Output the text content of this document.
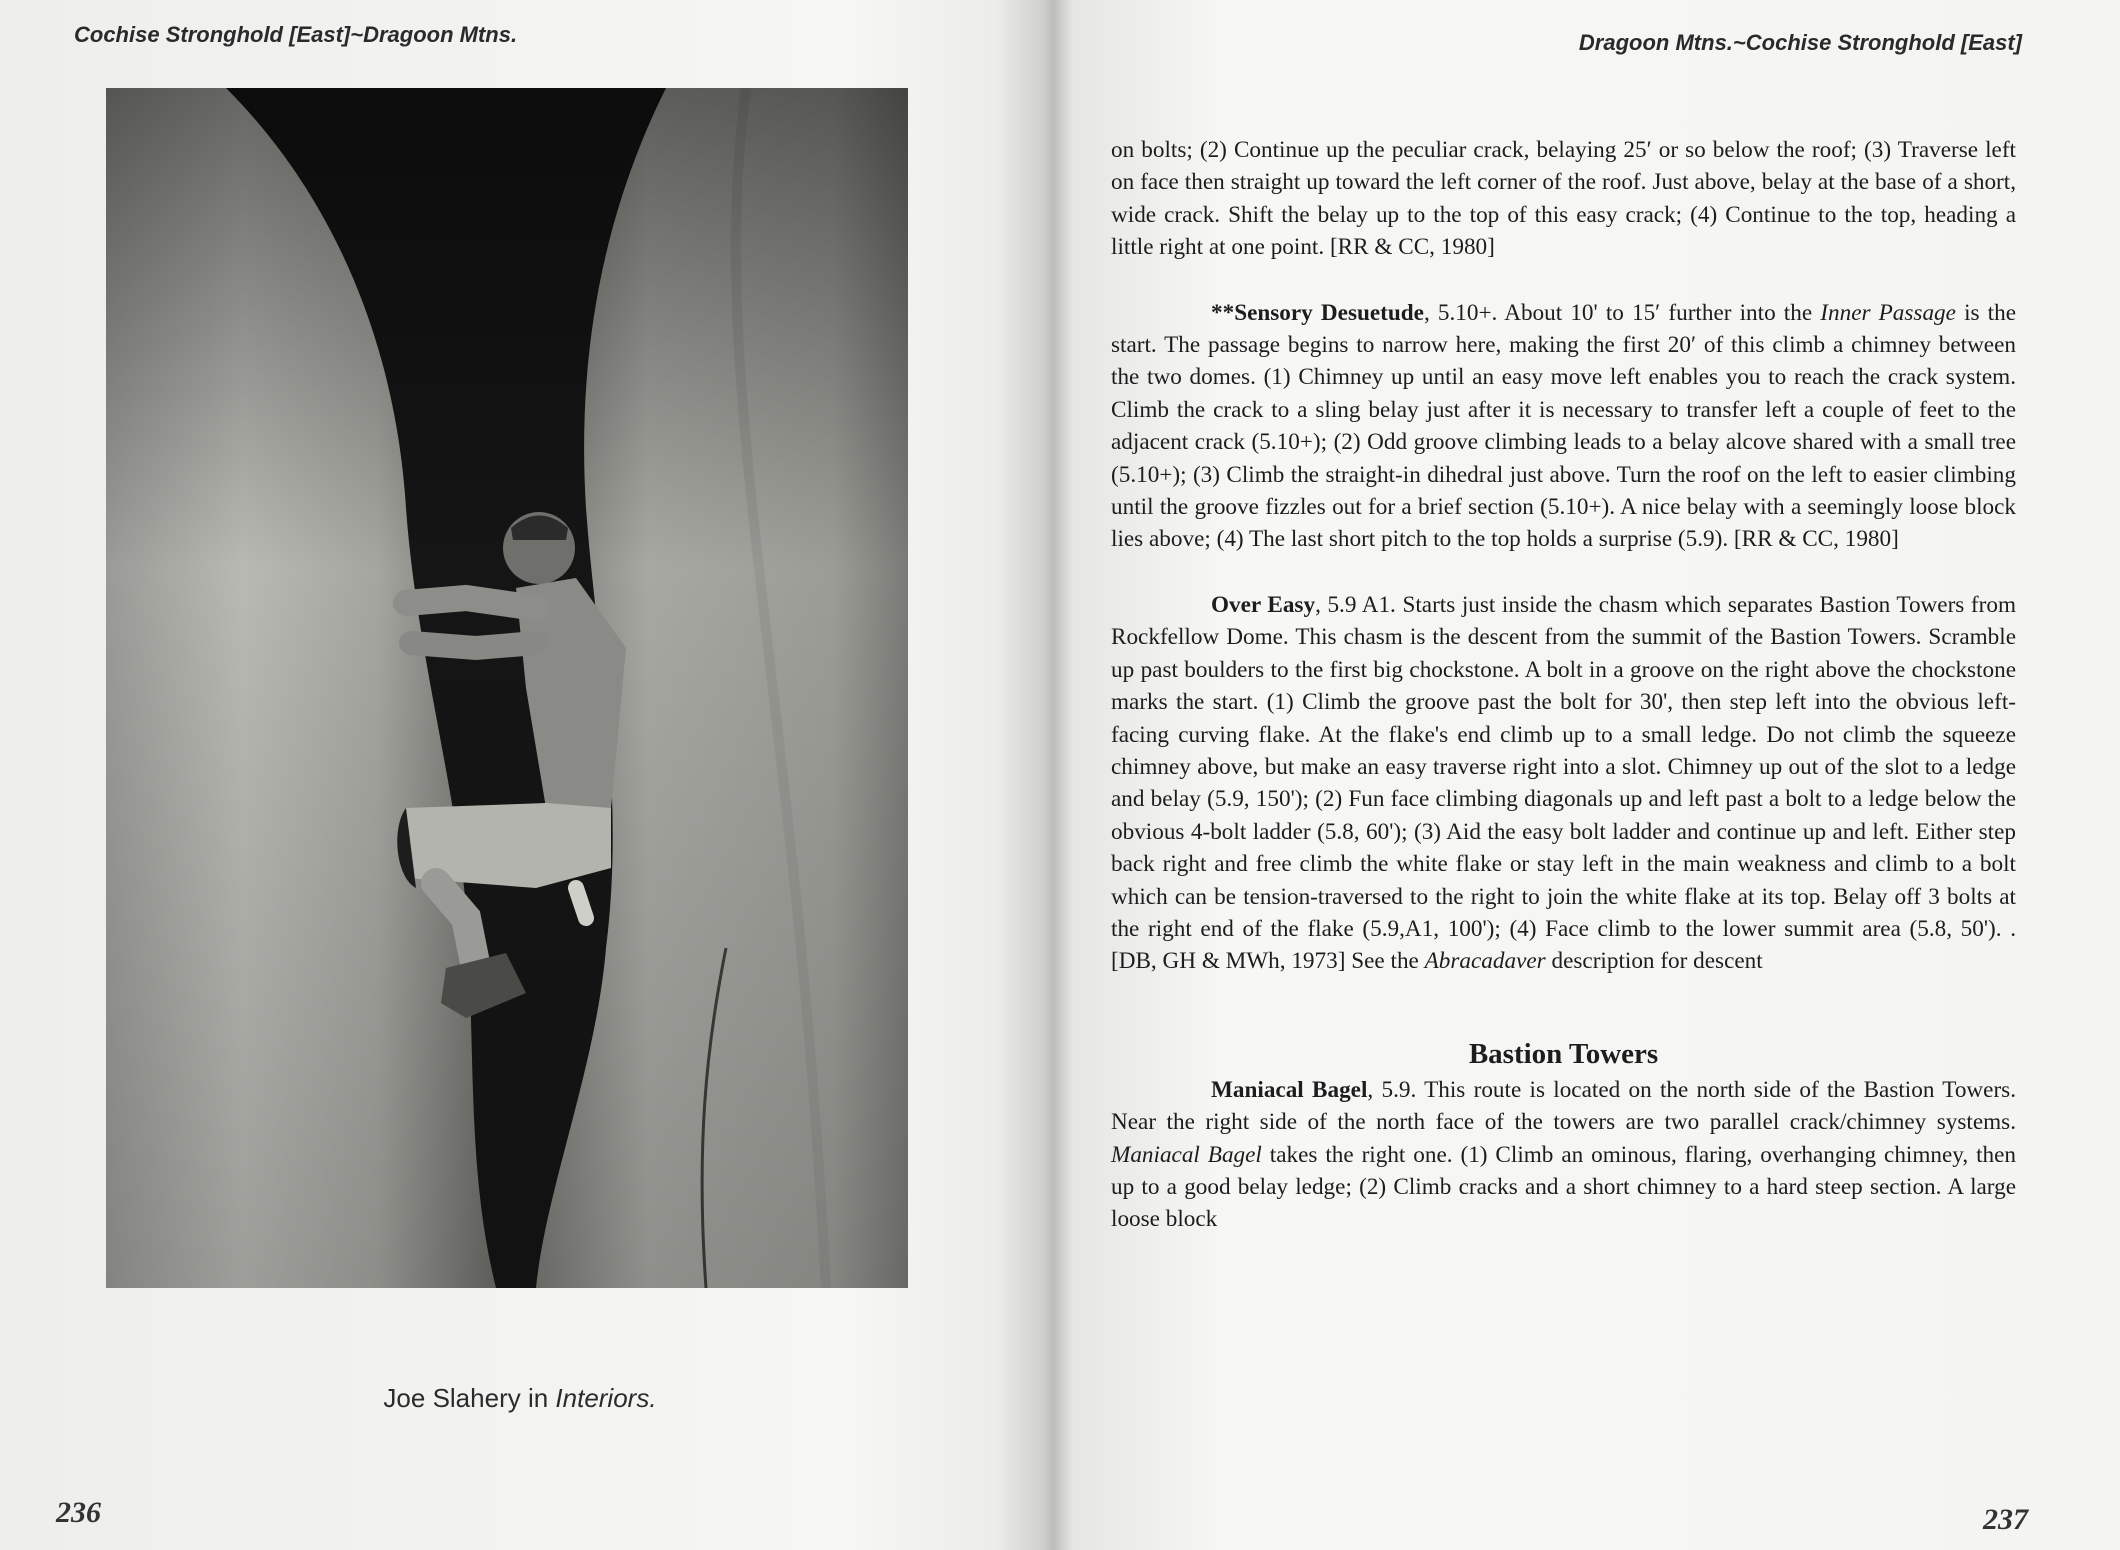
Cochise Stronghold [East]~Dragoon Mtns.
Joe Slahery in Interiors.
236
Dragoon Mtns.~Cochise Stronghold [East]

on bolts; (2) Continue up the peculiar crack, belaying 25′ or so below the roof; (3) Traverse left on face then straight up toward the left corner of the roof. Just above, belay at the base of a short, wide crack. Shift the belay up to the top of this easy crack; (4) Continue to the top, heading a little right at one point. [RR & CC, 1980]

**Sensory Desuetude, 5.10+. About 10' to 15′ further into the Inner Passage is the start. The passage begins to narrow here, making the first 20′ of this climb a chimney between the two domes. (1) Chimney up until an easy move left enables you to reach the crack system. Climb the crack to a sling belay just after it is necessary to transfer left a couple of feet to the adjacent crack (5.10+); (2) Odd groove climbing leads to a belay alcove shared with a small tree (5.10+); (3) Climb the straight-in dihedral just above. Turn the roof on the left to easier climbing until the groove fizzles out for a brief section (5.10+). A nice belay with a seemingly loose block lies above; (4) The last short pitch to the top holds a surprise (5.9). [RR & CC, 1980]

Over Easy, 5.9 A1. Starts just inside the chasm which separates Bastion Towers from Rockfellow Dome. This chasm is the descent from the summit of the Bastion Towers. Scramble up past boulders to the first big chockstone. A bolt in a groove on the right above the chockstone marks the start. (1) Climb the groove past the bolt for 30', then step left into the obvious left-facing curving flake. At the flake's end climb up to a small ledge. Do not climb the squeeze chimney above, but make an easy traverse right into a slot. Chimney up out of the slot to a ledge and belay (5.9, 150'); (2) Fun face climbing diagonals up and left past a bolt to a ledge below the obvious 4-bolt ladder (5.8, 60'); (3) Aid the easy bolt ladder and continue up and left. Either step back right and free climb the white flake or stay left in the main weakness and climb to a bolt which can be tension-traversed to the right to join the white flake at its top. Belay off 3 bolts at the right end of the flake (5.9,A1, 100'); (4) Face climb to the lower summit area (5.8, 50'). . [DB, GH & MWh, 1973] See the Abracadaver description for descent

Bastion Towers

Maniacal Bagel, 5.9. This route is located on the north side of the Bastion Towers. Near the right side of the north face of the towers are two parallel crack/chimney systems. Maniacal Bagel takes the right one. (1) Climb an ominous, flaring, overhanging chimney, then up to a good belay ledge; (2) Climb cracks and a short chimney to a hard steep section. A large loose block

237
